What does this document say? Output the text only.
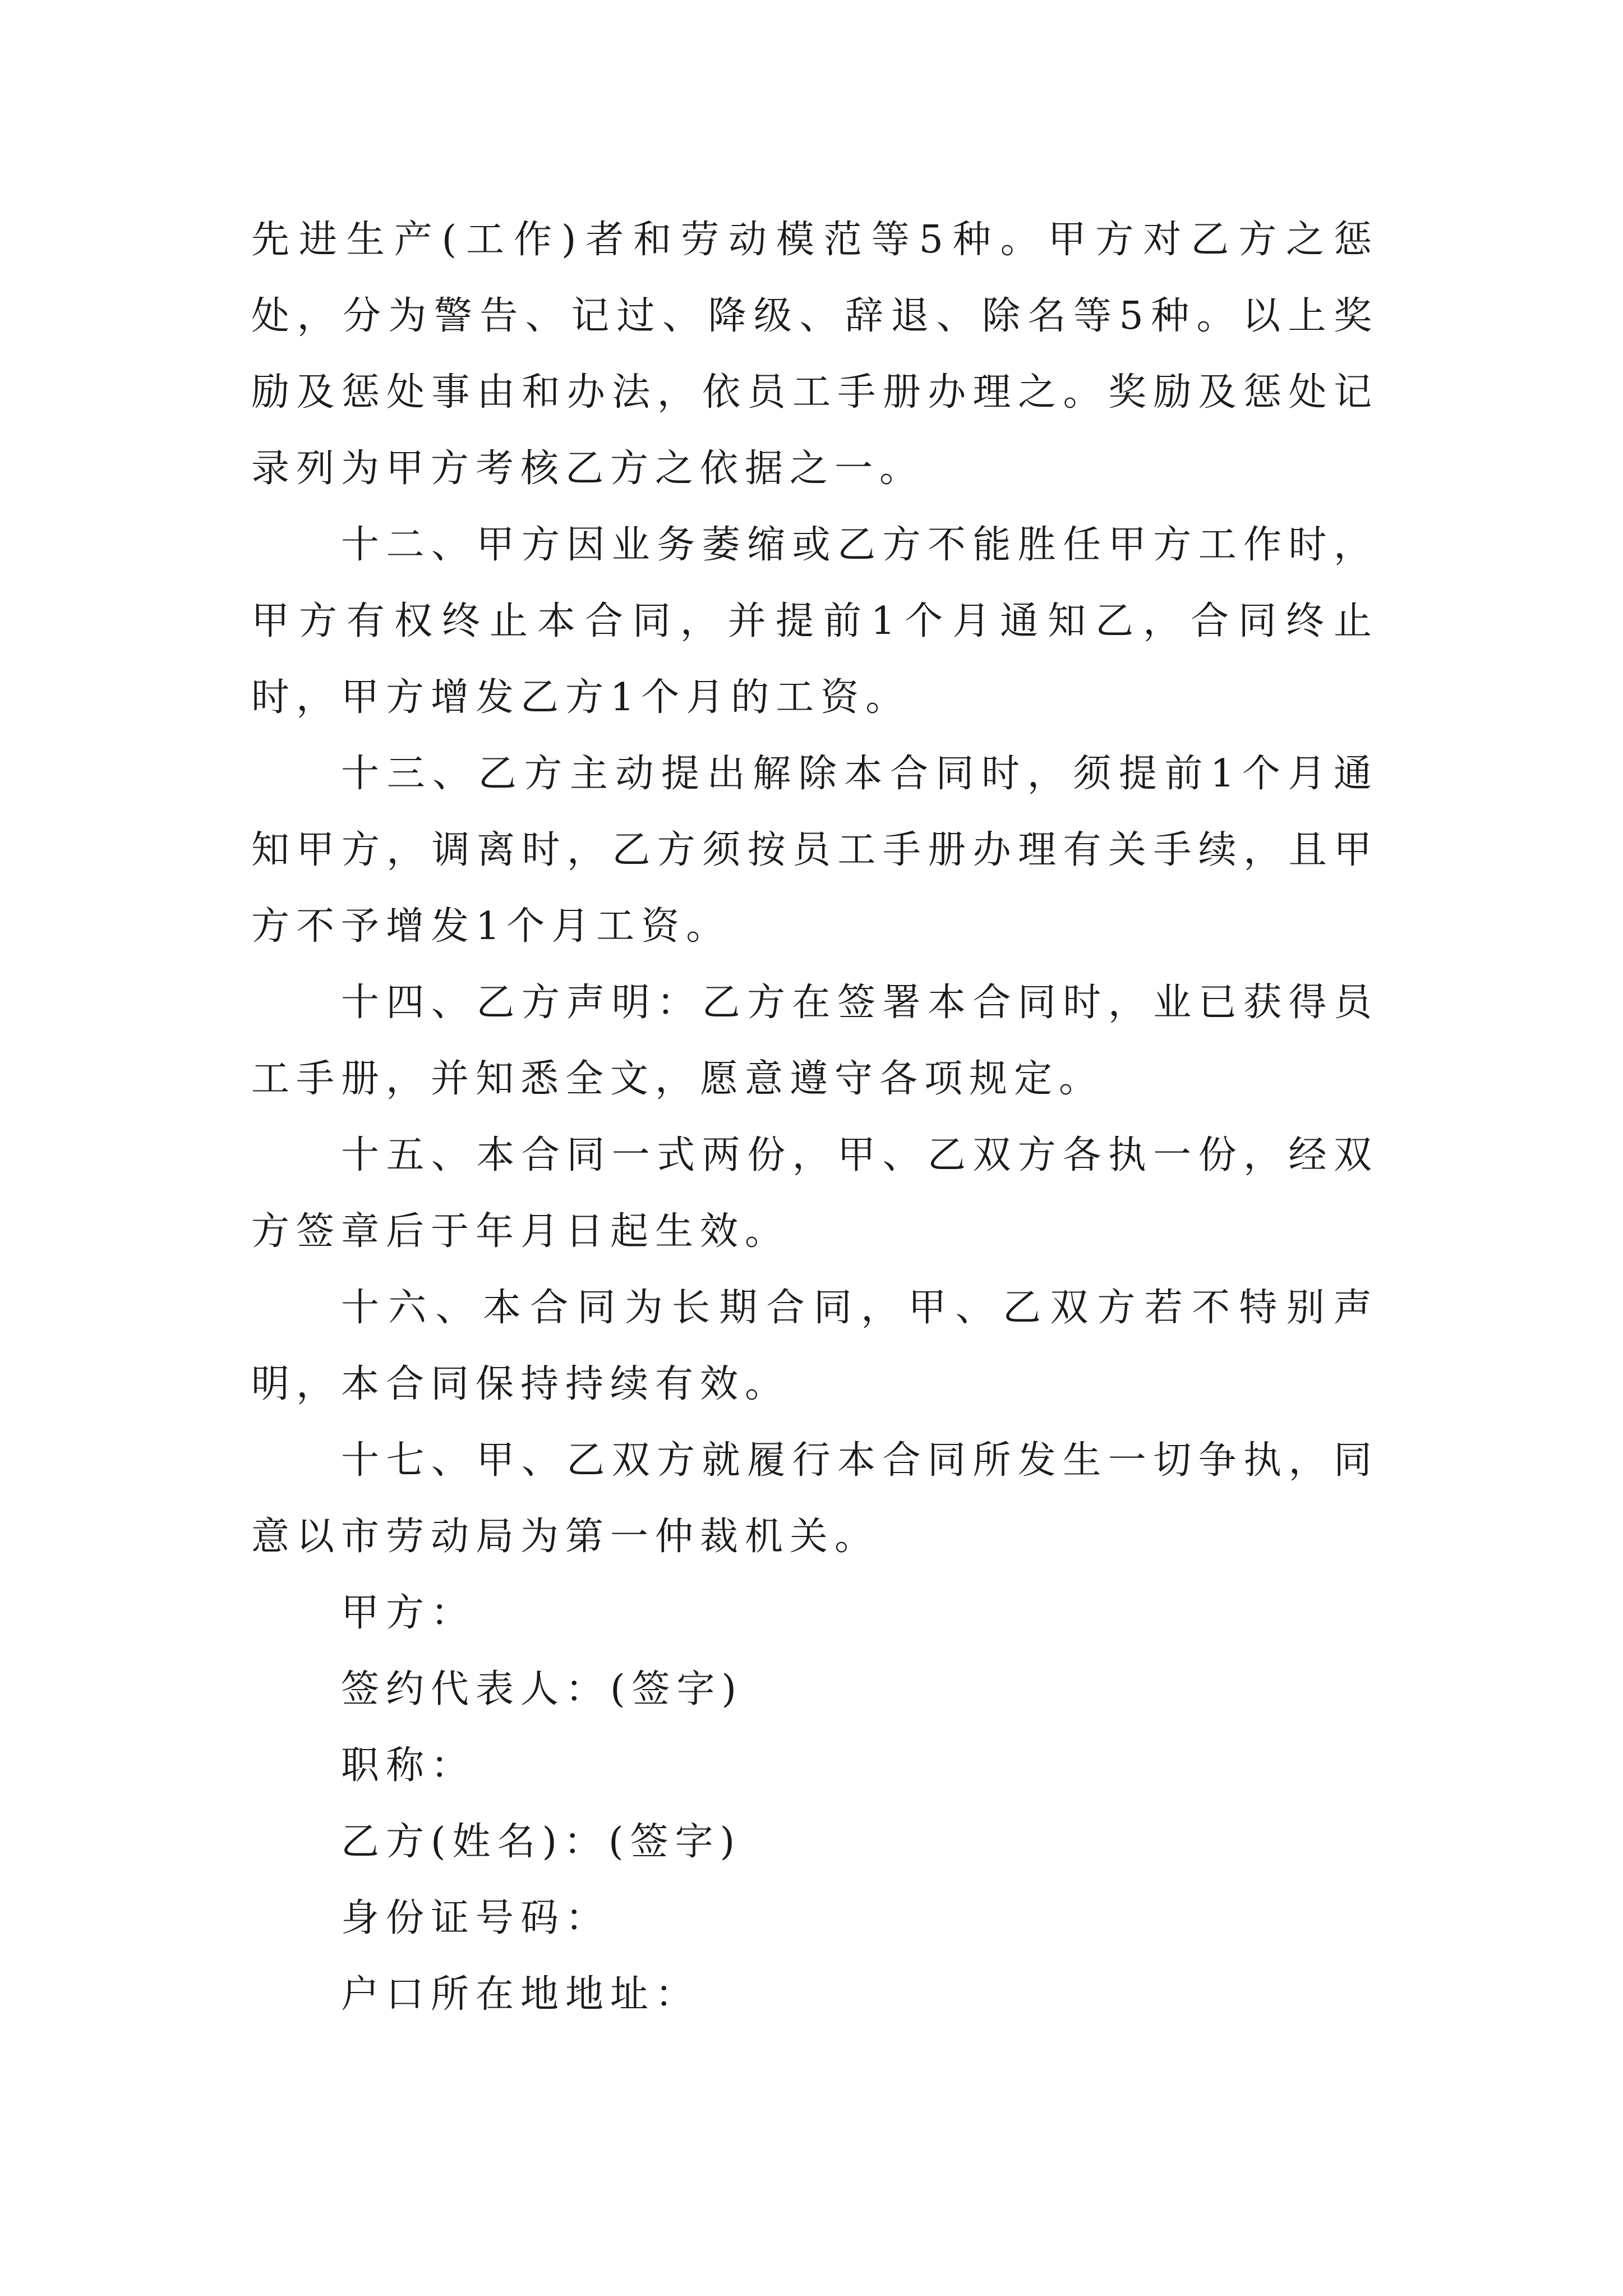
先进生产(工作)者和劳动模范等5种。甲方对乙方之惩处，分为警告、记过、降级、辞退、除名等5种。以上奖励及惩处事由和办法，依员工手册办理之。奖励及惩处记录列为甲方考核乙方之依据之一。

十二、甲方因业务萎缩或乙方不能胜任甲方工作时，甲方有权终止本合同，并提前1个月通知乙，合同终止时，甲方增发乙方1个月的工资。

十三、乙方主动提出解除本合同时，须提前1个月通知甲方，调离时，乙方须按员工手册办理有关手续，且甲方不予增发1个月工资。

十四、乙方声明：乙方在签署本合同时，业已获得员工手册，并知悉全文，愿意遵守各项规定。

十五、本合同一式两份，甲、乙双方各执一份，经双方签章后于年月日起生效。

十六、本合同为长期合同，甲、乙双方若不特别声明，本合同保持持续有效。

十七、甲、乙双方就履行本合同所发生一切争执，同意以市劳动局为第一仲裁机关。

甲方：

签约代表人：(签字)

职称：

乙方(姓名)：(签字)

身份证号码：

户口所在地地址：
